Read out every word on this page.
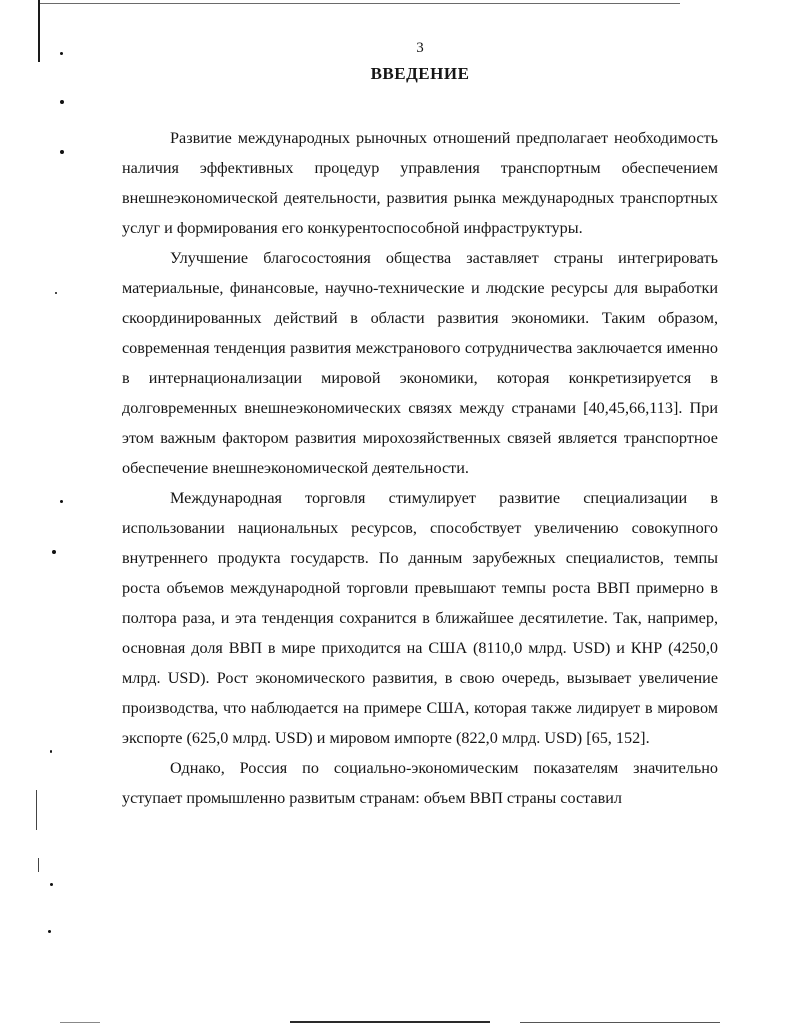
3
ВВЕДЕНИЕ

Развитие международных рыночных отношений предполагает необходимость наличия эффективных процедур управления транспортным обеспечением внешнеэкономической деятельности, развития рынка международных транспортных услуг и формирования его конкурентоспособной инфраструктуры.

Улучшение благосостояния общества заставляет страны интегрировать материальные, финансовые, научно-технические и людские ресурсы для выработки скоординированных действий в области развития экономики. Таким образом, современная тенденция развития межстранового сотрудничества заключается именно в интернационализации мировой экономики, которая конкретизируется в долговременных внешнеэкономических связях между странами [40,45,66,113]. При этом важным фактором развития мирохозяйственных связей является транспортное обеспечение внешнеэкономической деятельности.

Международная торговля стимулирует развитие специализации в использовании национальных ресурсов, способствует увеличению совокупного внутреннего продукта государств. По данным зарубежных специалистов, темпы роста объемов международной торговли превышают темпы роста ВВП примерно в полтора раза, и эта тенденция сохранится в ближайшее десятилетие. Так, например, основная доля ВВП в мире приходится на США (8110,0 млрд. USD) и КНР (4250,0 млрд. USD). Рост экономического развития, в свою очередь, вызывает увеличение производства, что наблюдается на примере США, которая также лидирует в мировом экспорте (625,0 млрд. USD) и мировом импорте (822,0 млрд. USD) [65, 152].

Однако, Россия по социально-экономическим показателям значительно уступает промышленно развитым странам: объем ВВП страны составил
